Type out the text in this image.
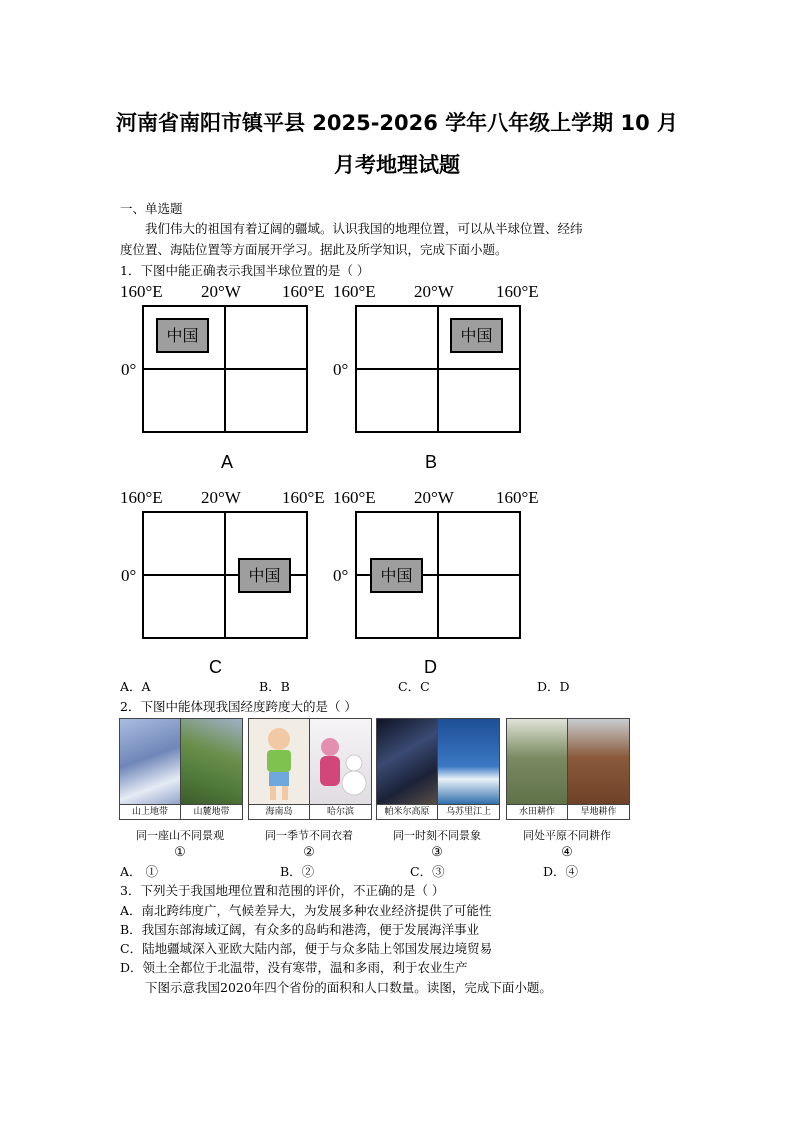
河南省南阳市镇平县 2025-2026 学年八年级上学期 10 月
月考地理试题
一、单选题
我们伟大的祖国有着辽阔的疆域。认识我国的地理位置，可以从半球位置、经纬
度位置、海陆位置等方面展开学习。据此及所学知识，完成下面小题。
1．下图中能正确表示我国半球位置的是（ ）
160°E 20°W 160°E
0°
中国
A
160°E 20°W 160°E
0°
中国
B
160°E 20°W 160°E
0°	中国
C
160°E 20°W 160°E
0°	中国
D
A．A	B．B	C．C	D．D
2．下图中能体现我国经度跨度大的是（ ）
山上地带	山麓地带
同一座山不同景观
①
海南岛	哈尔滨
同一季节不同衣着
②
帕米尔高原	乌苏里江上
同一时刻不同景象
③
水田耕作	旱地耕作
同处平原不同耕作
④
A． ①	B．②	C．③	D．④
3．下列关于我国地理位置和范围的评价，不正确的是（ ）
A．南北跨纬度广，气候差异大，为发展多种农业经济提供了可能性
B．我国东部海域辽阔，有众多的岛屿和港湾，便于发展海洋事业
C．陆地疆域深入亚欧大陆内部，便于与众多陆上邻国发展边境贸易
D．领土全都位于北温带，没有寒带，温和多雨，利于农业生产
下图示意我国2020年四个省份的面积和人口数量。读图，完成下面小题。
